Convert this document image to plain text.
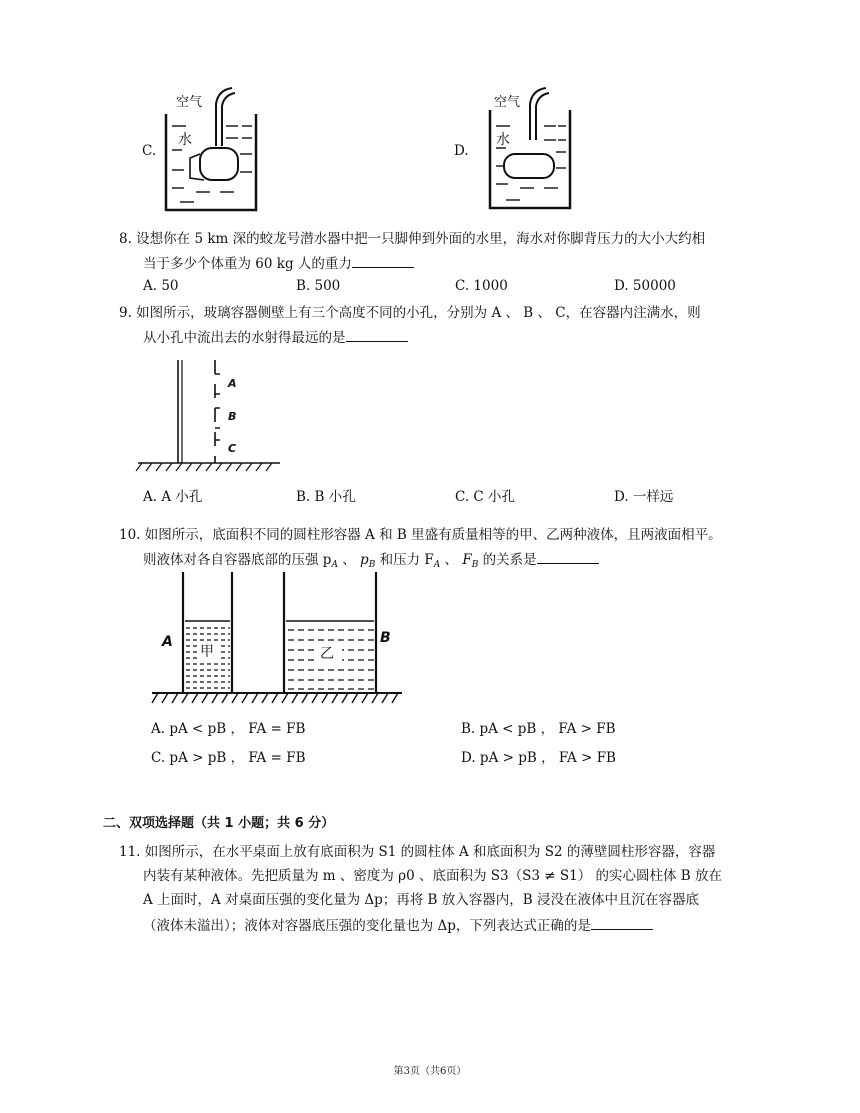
C.
空气
水
D.
空气
水
8. 设想你在 5 km 深的蛟龙号潜水器中把一只脚伸到外面的水里，海水对你脚背压力的大小大约相
当于多少个体重为 60 kg 人的重力
A. 50	B. 500	C. 1000	D. 50000
9. 如图所示，玻璃容器侧壁上有三个高度不同的小孔，分别为 A 、 B 、 C，在容器内注满水，则
从小孔中流出去的水射得最远的是
A
B
C
A. A 小孔	B. B 小孔	C. C 小孔	D. 一样远
10. 如图所示，底面积不同的圆柱形容器 A 和 B 里盛有质量相等的甲、乙两种液体，且两液面相平。
则液体对各自容器底部的压强 $p_A$ 、 $p_B$ 和压力 $F_A$ 、 $F_B$ 的关系是
甲	乙
A	B
A. pA < pB ， FA = FB	B. pA < pB ， FA > FB
C. pA > pB ， FA = FB	D. pA > pB ， FA > FB
二、双项选择题（共 1 小题；共 6 分）
11. 如图所示，在水平桌面上放有底面积为 S1 的圆柱体 A 和底面积为 S2 的薄壁圆柱形容器，容器
内装有某种液体。先把质量为 m 、密度为 ρ0 、底面积为 S3（S3 ≠ S1） 的实心圆柱体 B 放在
A 上面时，A 对桌面压强的变化量为 Δp；再将 B 放入容器内，B 浸没在液体中且沉在容器底
（液体未溢出）；液体对容器底压强的变化量也为 Δp，下列表达式正确的是
第3页（共6页）
